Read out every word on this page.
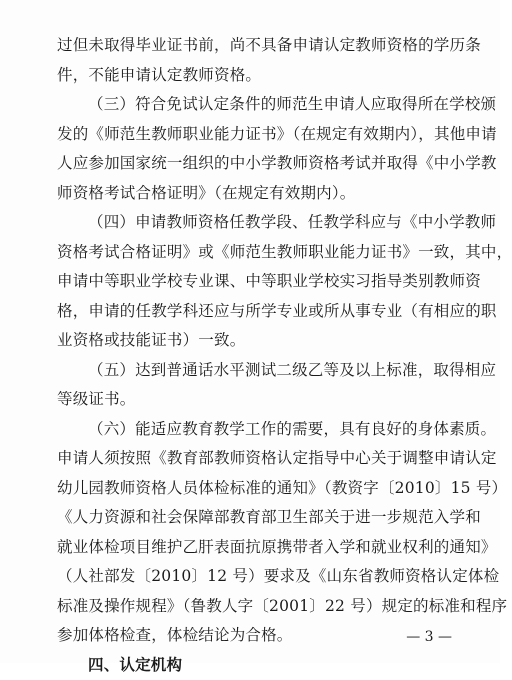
过但未取得毕业证书前，尚不具备申请认定教师资格的学历条
件，不能申请认定教师资格。
（三）符合免试认定条件的师范生申请人应取得所在学校颁
发的《师范生教师职业能力证书》（在规定有效期内），其他申请
人应参加国家统一组织的中小学教师资格考试并取得《中小学教
师资格考试合格证明》（在规定有效期内）。
（四）申请教师资格任教学段、任教学科应与《中小学教师
资格考试合格证明》或《师范生教师职业能力证书》一致，其中，
申请中等职业学校专业课、中等职业学校实习指导类别教师资
格，申请的任教学科还应与所学专业或所从事专业（有相应的职
业资格或技能证书）一致。
（五）达到普通话水平测试二级乙等及以上标准，取得相应
等级证书。
（六）能适应教育教学工作的需要，具有良好的身体素质。
申请人须按照《教育部教师资格认定指导中心关于调整申请认定
幼儿园教师资格人员体检标准的通知》（教资字〔2010〕15 号）
《人力资源和社会保障部教育部卫生部关于进一步规范入学和
就业体检项目维护乙肝表面抗原携带者入学和就业权利的通知》
（人社部发〔2010〕12 号）要求及《山东省教师资格认定体检
标准及操作规程》（鲁教人字〔2001〕22 号）规定的标准和程序
参加体格检查，体检结论为合格。
四、认定机构
— 3 —
